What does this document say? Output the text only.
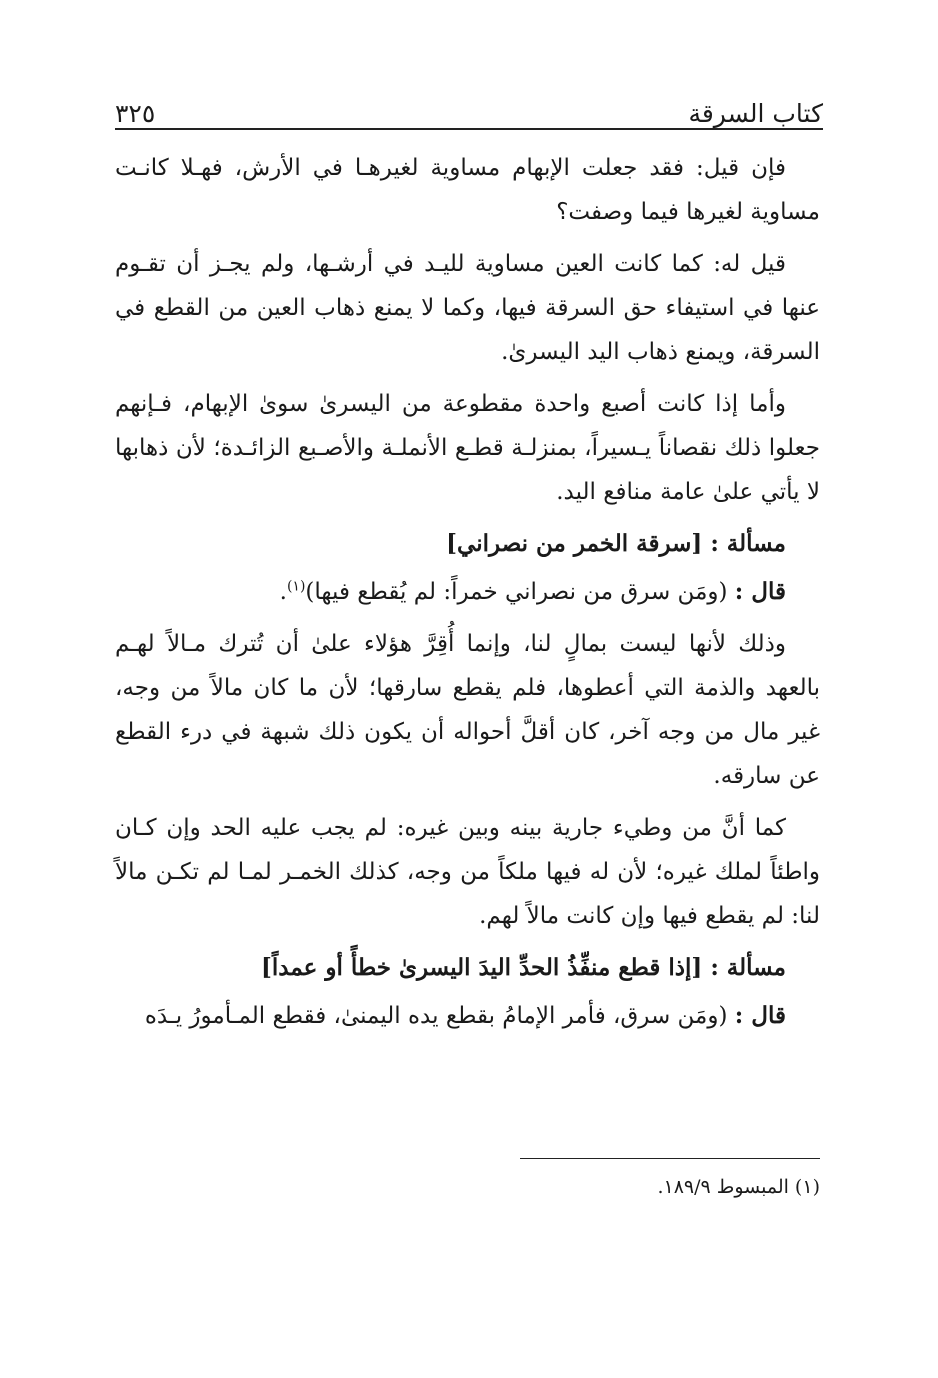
كتاب السرقة
٣٢٥

فإن قيل: فقد جعلت الإبهام مساوية لغيرهـا في الأرش، فهـلا كانـت مساوية لغيرها فيما وصفت؟

قيل له: كما كانت العين مساوية لليـد في أرشـها، ولم يجـز أن تقـوم عنها في استيفاء حق السرقة فيها، وكما لا يمنع ذهاب العين من القطع في السرقة، ويمنع ذهاب اليد اليسرىٰ.

وأما إذا كانت أصبع واحدة مقطوعة من اليسرىٰ سوىٰ الإبهام، فـإنهم جعلوا ذلك نقصاناً يـسيراً، بمنزلـة قطـع الأنملـة والأصـبع الزائـدة؛ لأن ذهابها لا يأتي علىٰ عامة منافع اليد.

مسألة : [سرقة الخمر من نصراني]

قال : (ومَن سرق من نصراني خمراً: لم يُقطع فيها)$^{(١)}$.

وذلك لأنها ليست بمالٍ لنا، وإنما أُقِرَّ هؤلاء علىٰ أن تُترك مـالاً لهـم بالعهد والذمة التي أعطوها، فلم يقطع سارقها؛ لأن ما كان مالاً من وجه، غير مال من وجه آخر، كان أقلَّ أحواله أن يكون ذلك شبهة في درء القطع عن سارقه.

كما أنَّ من وطيء جارية بينه وبين غيره: لم يجب عليه الحد وإن كـان واطئاً لملك غيره؛ لأن له فيها ملكاً من وجه، كذلك الخمـر لمـا لم تكـن مالاً لنا: لم يقطع فيها وإن كانت مالاً لهم.

مسألة : [إذا قطع منفِّذُ الحدِّ اليدَ اليسرىٰ خطأً أو عمداً]

قال : (ومَن سرق، فأمر الإمامُ بقطع يده اليمنىٰ، فقطع المـأمورُ يـدَه

(١) المبسوط ١٨٩/٩.
